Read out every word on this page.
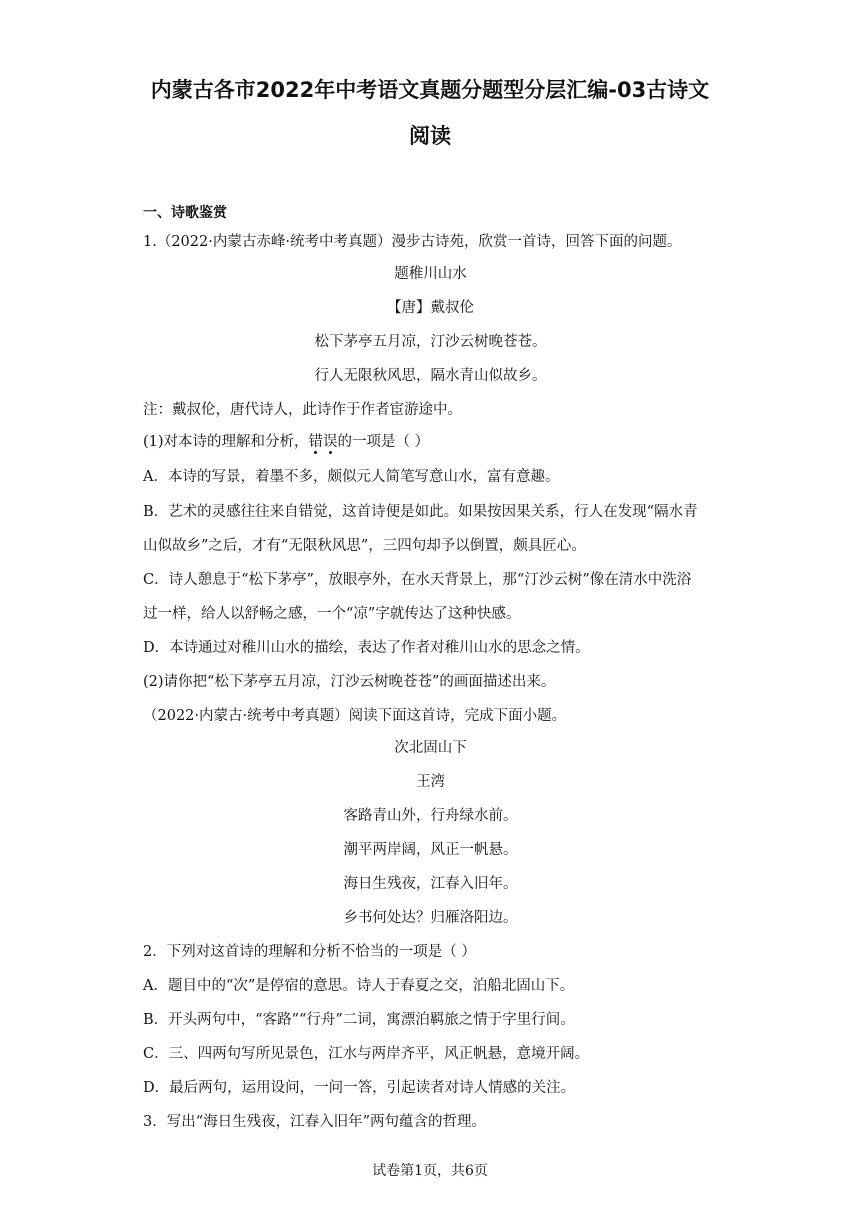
内蒙古各市2022年中考语文真题分题型分层汇编-03古诗文
阅读
一、诗歌鉴赏
1.（2022·内蒙古赤峰·统考中考真题）漫步古诗苑，欣赏一首诗，回答下面的问题。
题稚川山水
【唐】戴叔伦
松下茅亭五月凉，汀沙云树晚苍苍。
行人无限秋风思，隔水青山似故乡。
注：戴叔伦，唐代诗人，此诗作于作者宦游途中。
(1)对本诗的理解和分析，错误的一项是（ ）
A．本诗的写景，着墨不多，颇似元人简笔写意山水，富有意趣。
B．艺术的灵感往往来自错觉，这首诗便是如此。如果按因果关系，行人在发现“隔水青
山似故乡”之后，才有“无限秋风思”，三四句却予以倒置，颇具匠心。
C．诗人憩息于“松下茅亭”，放眼亭外，在水天背景上，那“汀沙云树”像在清水中洗浴
过一样，给人以舒畅之感，一个“凉”字就传达了这种快感。
D．本诗通过对稚川山水的描绘，表达了作者对稚川山水的思念之情。
(2)请你把“松下茅亭五月凉，汀沙云树晚苍苍”的画面描述出来。
（2022·内蒙古·统考中考真题）阅读下面这首诗，完成下面小题。
次北固山下
王湾
客路青山外，行舟绿水前。
潮平两岸阔，风正一帆悬。
海日生残夜，江春入旧年。
乡书何处达？归雁洛阳边。
2．下列对这首诗的理解和分析不恰当的一项是（ ）
A．题目中的“次”是停宿的意思。诗人于春夏之交，泊船北固山下。
B．开头两句中，“客路”“行舟”二词，寓漂泊羁旅之情于字里行间。
C．三、四两句写所见景色，江水与两岸齐平，风正帆悬，意境开阔。
D．最后两句，运用设问，一问一答，引起读者对诗人情感的关注。
3．写出“海日生残夜，江春入旧年”两句蕴含的哲理。
试卷第1页，共6页
